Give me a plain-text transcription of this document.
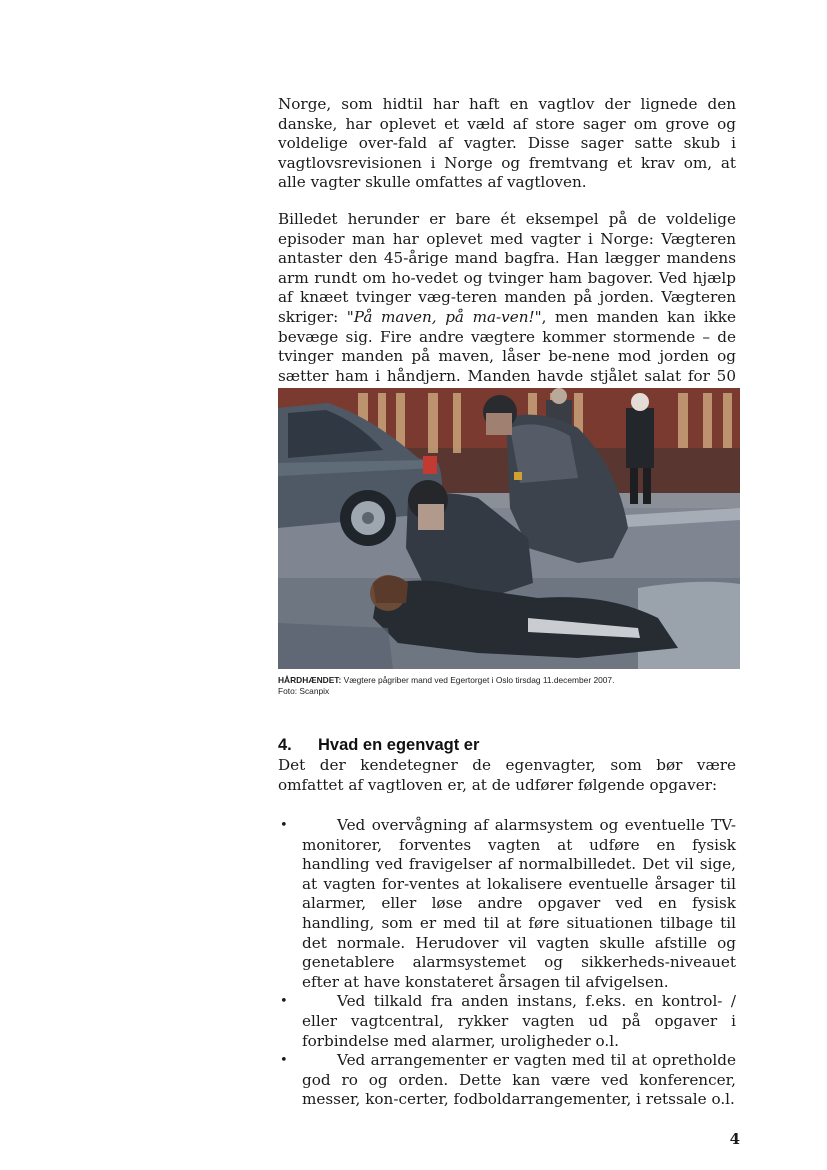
Norge, som hidtil har haft en vagtlov der lignede den danske, har oplevet et væld af store sager om grove og voldelige over-fald af vagter. Disse sager satte skub i vagtlovsrevisionen i Norge og fremtvang et krav om, at alle vagter skulle omfattes af vagtloven.

Billedet herunder er bare ét eksempel på de voldelige episoder man har oplevet med vagter i Norge: Vægteren antaster den 45-årige mand bagfra. Han lægger mandens arm rundt om ho-vedet og tvinger ham bagover. Ved hjælp af knæet tvinger væg-teren manden på jorden. Vægteren skriger: "På maven, på ma-ven!", men manden kan ikke bevæge sig. Fire andre vægtere kommer stormende – de tvinger manden på maven, låser be-nene mod jorden og sætter ham i håndjern. Manden havde stjålet salat for 50

HÅRDHÆNDET: Vægtere pågriber mand ved Egertorget i Oslo tirsdag 11.december 2007.
Foto: Scanpix
4. Hvad en egenvagt er

Det der kendetegner de egenvagter, som bør være omfattet af vagtloven er, at de udfører følgende opgaver:

•	Ved overvågning af alarmsystem og eventuelle TV-monitorer, forventes vagten at udføre en fysisk handling ved fravigelser af normalbilledet. Det vil sige, at vagten for-ventes at lokalisere eventuelle årsager til alarmer, eller løse andre opgaver ved en fysisk handling, som er med til at føre situationen tilbage til det normale. Herudover vil vagten skulle afstille og genetablere alarmsystemet og sikkerheds-niveauet efter at have konstateret årsagen til afvigelsen.
•	Ved tilkald fra anden instans, f.eks. en kontrol- / eller vagtcentral, rykker vagten ud på opgaver i forbindelse med alarmer, uroligheder o.l.
•	Ved arrangementer er vagten med til at opretholde god ro og orden. Dette kan være ved konferencer, messer, kon-certer, fodboldarrangementer, i retssale o.l.
4
